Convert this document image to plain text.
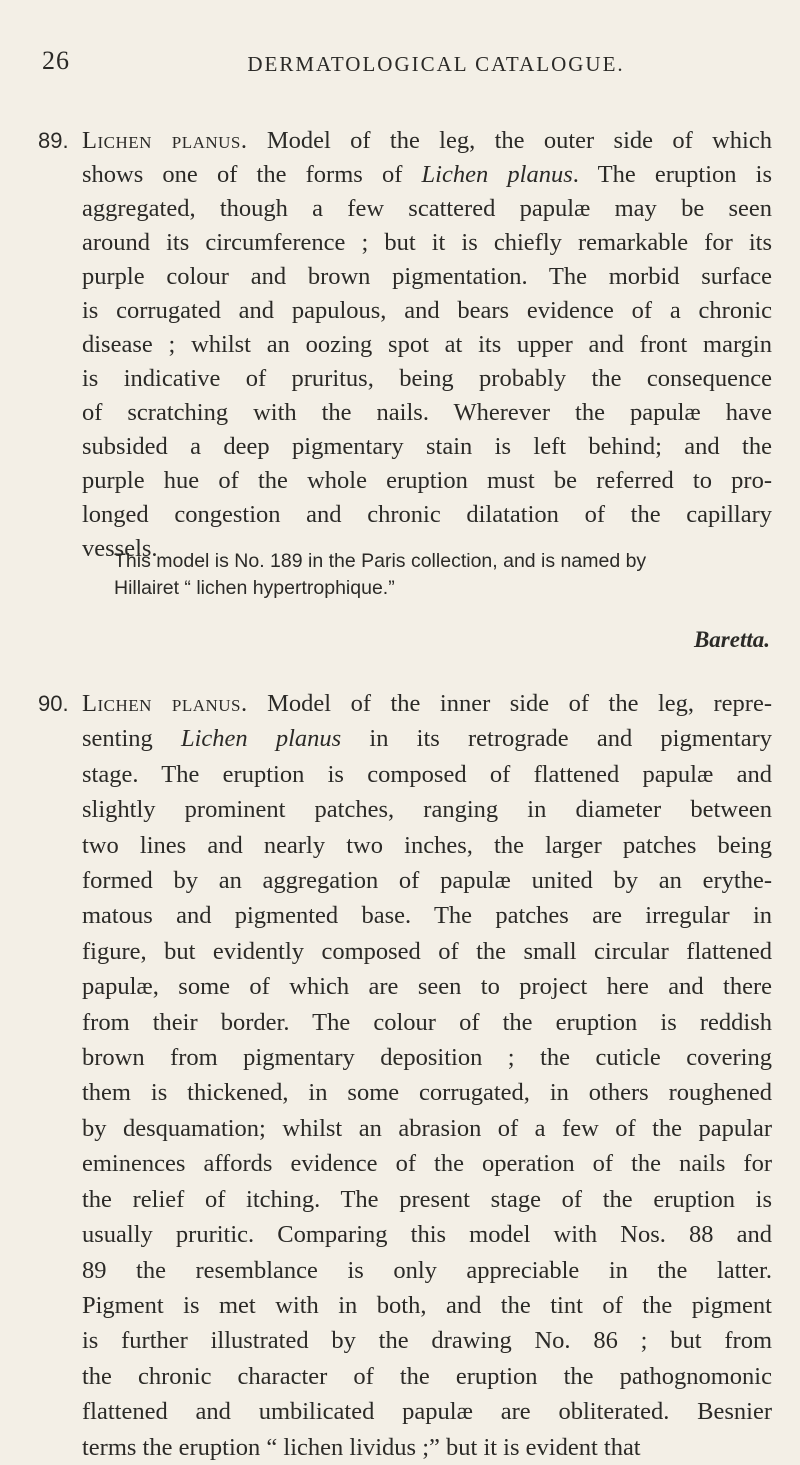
26	DERMATOLOGICAL CATALOGUE.
89. Lichen planus. Model of the leg, the outer side of which
shows one of the forms of Lichen planus. The eruption is
aggregated, though a few scattered papulæ may be seen
around its circumference ; but it is chiefly remarkable for its
purple colour and brown pigmentation. The morbid surface
is corrugated and papulous, and bears evidence of a chronic
disease ; whilst an oozing spot at its upper and front margin
is indicative of pruritus, being probably the consequence
of scratching with the nails. Wherever the papulæ have
subsided a deep pigmentary stain is left behind; and the
purple hue of the whole eruption must be referred to pro-
longed congestion and chronic dilatation of the capillary
vessels.
This model is No. 189 in the Paris collection, and is named by
Hillairet “ lichen hypertrophique.”
Baretta.
90. Lichen planus. Model of the inner side of the leg, repre-
senting Lichen planus in its retrograde and pigmentary
stage. The eruption is composed of flattened papulæ and
slightly prominent patches, ranging in diameter between
two lines and nearly two inches, the larger patches being
formed by an aggregation of papulæ united by an erythe-
matous and pigmented base. The patches are irregular in
figure, but evidently composed of the small circular flattened
papulæ, some of which are seen to project here and there
from their border. The colour of the eruption is reddish
brown from pigmentary deposition ; the cuticle covering
them is thickened, in some corrugated, in others roughened
by desquamation; whilst an abrasion of a few of the papular
eminences affords evidence of the operation of the nails for
the relief of itching. The present stage of the eruption is
usually pruritic. Comparing this model with Nos. 88 and
89 the resemblance is only appreciable in the latter.
Pigment is met with in both, and the tint of the pigment
is further illustrated by the drawing No. 86 ; but from
the chronic character of the eruption the pathognomonic
flattened and umbilicated papulæ are obliterated. Besnier
terms the eruption “ lichen lividus ;” but it is evident that
